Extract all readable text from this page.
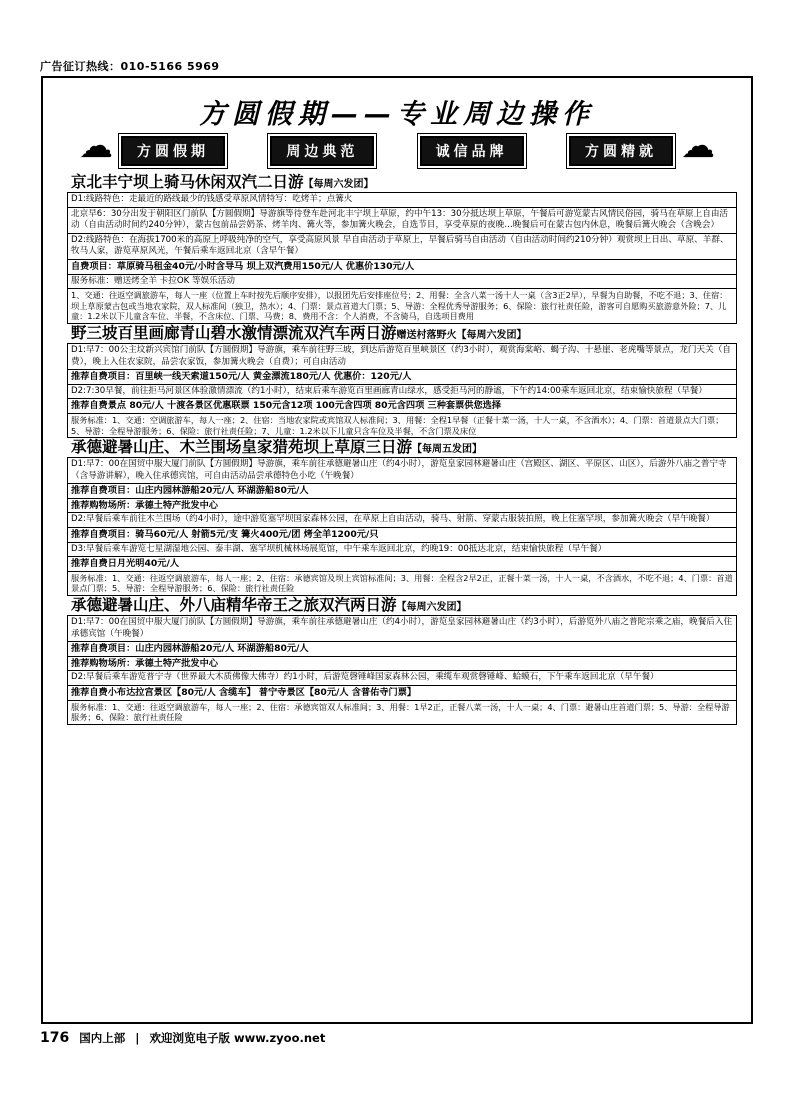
广告征订热线：010-5166 5969
方圆假期——专业周边操作
☁	☁
方圆假期	周边典范	诚信品牌	方圆精就
京北丰宁坝上骑马休闲双汽二日游【每周六发团】
D1:线路特色：走最近的路线最少的钱感受草原风情特写：吃烤羊；点篝火
北京早6：30分出发于朝阳区门前队【方圆假期】导游旗等待登车赴河北丰宁坝上草原，约中午13：30分抵达坝上草原，午餐后可游览蒙古风情民俗园，骑马在草原上自由活动（自由活动时间约240分钟），蒙古包前品尝奶茶、烤羊肉、篝火等，参加篝火晚会，自选节目，享受草原的夜晚…晚餐后可在蒙古包内休息，晚餐后篝火晚会（含晚会）
D2:线路特色：在海拔1700米的高原上呼吸纯净的空气，享受高原风景 早自由活动于草原上，早餐后骑马自由活动（自由活动时间约210分钟）观赏坝上日出、草原、羊群、牧马人家，游览草原风光，午餐后乘车返回北京（含早午餐）
自费项目：草原骑马租金40元/小时含导马 坝上双汽费用150元/人 优惠价130元/人
服务标准：赠送烤全羊 卡拉OK 等娱乐活动
1、交通：往返空调旅游车，每人一座（位置上车时按先后顺序安排），以报团先后安排座位号；2、用餐：全含八菜一汤十人一桌（含3正2早），早餐为自助餐，不吃不退；3、住宿：坝上草原蒙古包或当地农家院，双人标准间（独卫，热水）；4、门票：景点首道大门票；5、导游：全程优秀导游服务；6、保险：旅行社责任险，游客可自愿购买旅游意外险；7、儿童：1.2米以下儿童含车位、半餐，不含床位、门票、马费；8、费用不含：个人消费，不含骑马，自选项目费用
野三坡百里画廊青山碧水激情漂流双汽车两日游赠送村落野火【每周六发团】
D1:早7：00公主坟新兴宾馆门前队【方圆假期】导游旗，乘车前往野三坡，到达后游览百里峡景区（约3小时），观赏海棠峪、蝎子沟、十悬崖、老虎嘴等景点，龙门天关（自费），晚上入住农家院，品尝农家饭，参加篝火晚会（自费）；可自由活动
推荐自费项目：百里峡一线天索道150元/人 黄金漂流180元/人 优惠价：120元/人
D2:7:30早餐，前往拒马河景区体验激情漂流（约1小时），结束后乘车游览百里画廊青山绿水，感受拒马河的静谧，下午约14:00乘车返回北京，结束愉快旅程（早餐）
推荐自费景点 80元/人 十渡各景区优惠联票 150元含12项 100元含四项 80元含四项 三种套票供您选择
服务标准：1、交通：空调旅游车，每人一座；2、住宿：当地农家院或宾馆双人标准间；3、用餐：全程1早餐（正餐十菜一汤，十人一桌，不含酒水）；4、门票：首道景点大门票；5、导游：全程导游服务；6、保险：旅行社责任险；7、儿童：1.2米以下儿童只含车位及半餐，不含门票及床位
承德避暑山庄、木兰围场皇家猎苑坝上草原三日游【每周五发团】
D1:早7：00在国贸中服大厦门前队【方圆假期】导游旗，乘车前往承德避暑山庄（约4小时），游览皇家园林避暑山庄（宫殿区、湖区、平原区、山区），后游外八庙之普宁寺（含导游讲解），晚入住承德宾馆，可自由活动品尝承德特色小吃（午晚餐）
推荐自费项目：山庄内园林游船20元/人 环湖游船80元/人
推荐购物场所：承德土特产批发中心
D2:早餐后乘车前往木兰围场（约4小时），途中游览塞罕坝国家森林公园，在草原上自由活动，骑马、射箭、穿蒙古服装拍照，晚上住塞罕坝，参加篝火晚会（早午晚餐）
推荐自费项目：骑马60元/人 射箭5元/支 篝火400元/团 烤全羊1200元/只
D3:早餐后乘车游览七星湖湿地公园、泰丰湖、塞罕坝机械林场展览馆，中午乘车返回北京，约晚19：00抵达北京，结束愉快旅程（早午餐）
推荐自费日月光明40元/人
服务标准：1、交通：往返空调旅游车，每人一座；2、住宿：承德宾馆及坝上宾馆标准间；3、用餐：全程含2早2正，正餐十菜一汤，十人一桌，不含酒水，不吃不退；4、门票：首道景点门票；5、导游：全程导游服务；6、保险：旅行社责任险
承德避暑山庄、外八庙精华帝王之旅双汽两日游【每周六发团】
D1:早7：00在国贸中服大厦门前队【方圆假期】导游旗，乘车前往承德避暑山庄（约4小时），游览皇家园林避暑山庄（约3小时），后游览外八庙之普陀宗乘之庙，晚餐后入住承德宾馆（午晚餐）
推荐自费项目：山庄内园林游船20元/人 环湖游船80元/人
推荐购物场所：承德土特产批发中心
D2:早餐后乘车游览普宁寺（世界最大木质佛像大佛寺）约1小时，后游览磬锤峰国家森林公园，乘缆车观赏磬锤峰、蛤蟆石，下午乘车返回北京（早午餐）
推荐自费小布达拉宫景区【80元/人 含缆车】 普宁寺景区【80元/人 含普佑寺门票】
服务标准：1、交通：往返空调旅游车，每人一座；2、住宿：承德宾馆双人标准间；3、用餐：1早2正，正餐八菜一汤，十人一桌；4、门票：避暑山庄首道门票；5、导游：全程导游服务；6、保险：旅行社责任险
176 国内上部 | 欢迎浏览电子版 www.zyoo.net
